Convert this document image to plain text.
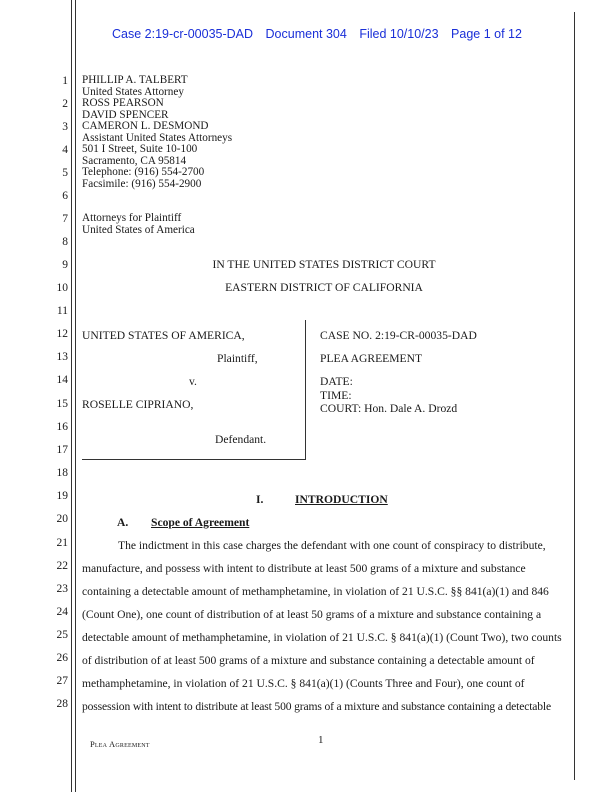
Case 2:19-cr-00035-DAD Document 304 Filed 10/10/23 Page 1 of 12
1
2
3
4
5
6
7
8
9
10
11
12
13
14
15
16
17
18
19
20
21
22
23
24
25
26
27
28
PHILLIP A. TALBERT
United States Attorney
ROSS PEARSON
DAVID SPENCER
CAMERON L. DESMOND
Assistant United States Attorneys
501 I Street, Suite 10-100
Sacramento, CA 95814
Telephone: (916) 554-2700
Facsimile: (916) 554-2900
Attorneys for Plaintiff
United States of America
IN THE UNITED STATES DISTRICT COURT
EASTERN DISTRICT OF CALIFORNIA
UNITED STATES OF AMERICA,
Plaintiff,
v.
ROSELLE CIPRIANO,
Defendant.
CASE NO. 2:19-CR-00035-DAD
PLEA AGREEMENT
DATE:
TIME:
COURT: Hon. Dale A. Drozd
I.	INTRODUCTION
A. Scope of Agreement
The indictment in this case charges the defendant with one count of conspiracy to distribute,
manufacture, and possess with intent to distribute at least 500 grams of a mixture and substance
containing a detectable amount of methamphetamine, in violation of 21 U.S.C. §§ 841(a)(1) and 846
(Count One), one count of distribution of at least 50 grams of a mixture and substance containing a
detectable amount of methamphetamine, in violation of 21 U.S.C. § 841(a)(1) (Count Two), two counts
of distribution of at least 500 grams of a mixture and substance containing a detectable amount of
methamphetamine, in violation of 21 U.S.C. § 841(a)(1) (Counts Three and Four), one count of
possession with intent to distribute at least 500 grams of a mixture and substance containing a detectable
Plea Agreement	1
